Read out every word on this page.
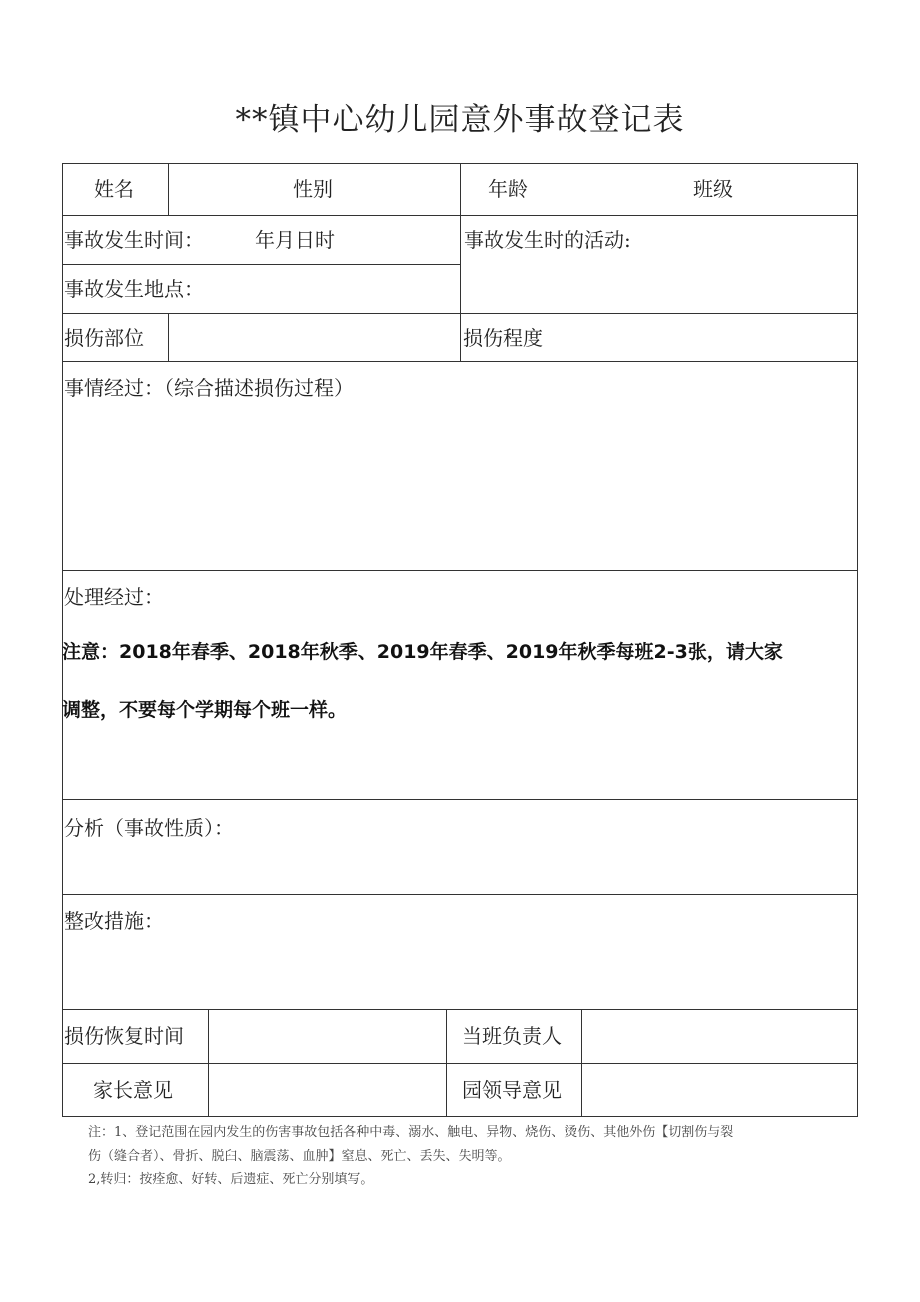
**镇中心幼儿园意外事故登记表
姓名	性别	年龄	班级
事故发生时间：	年月日时	事故发生时的活动:
事故发生地点：
损伤部位	损伤程度
事情经过：（综合描述损伤过程）
处理经过：
注意：2018年春季、2018年秋季、2019年春季、2019年秋季每班2-3张，请大家
调整，不要每个学期每个班一样。
分析（事故性质）：
整改措施：
损伤恢复时间	当班负责人
家长意见	园领导意见
注：1、登记范围在园内发生的伤害事故包括各种中毒、溺水、触电、异物、烧伤、烫伤、其他外伤【切割伤与裂
伤（缝合者）、骨折、脱臼、脑震荡、血肿】窒息、死亡、丢失、失明等。
2,转归：按痊愈、好转、后遗症、死亡分别填写。
